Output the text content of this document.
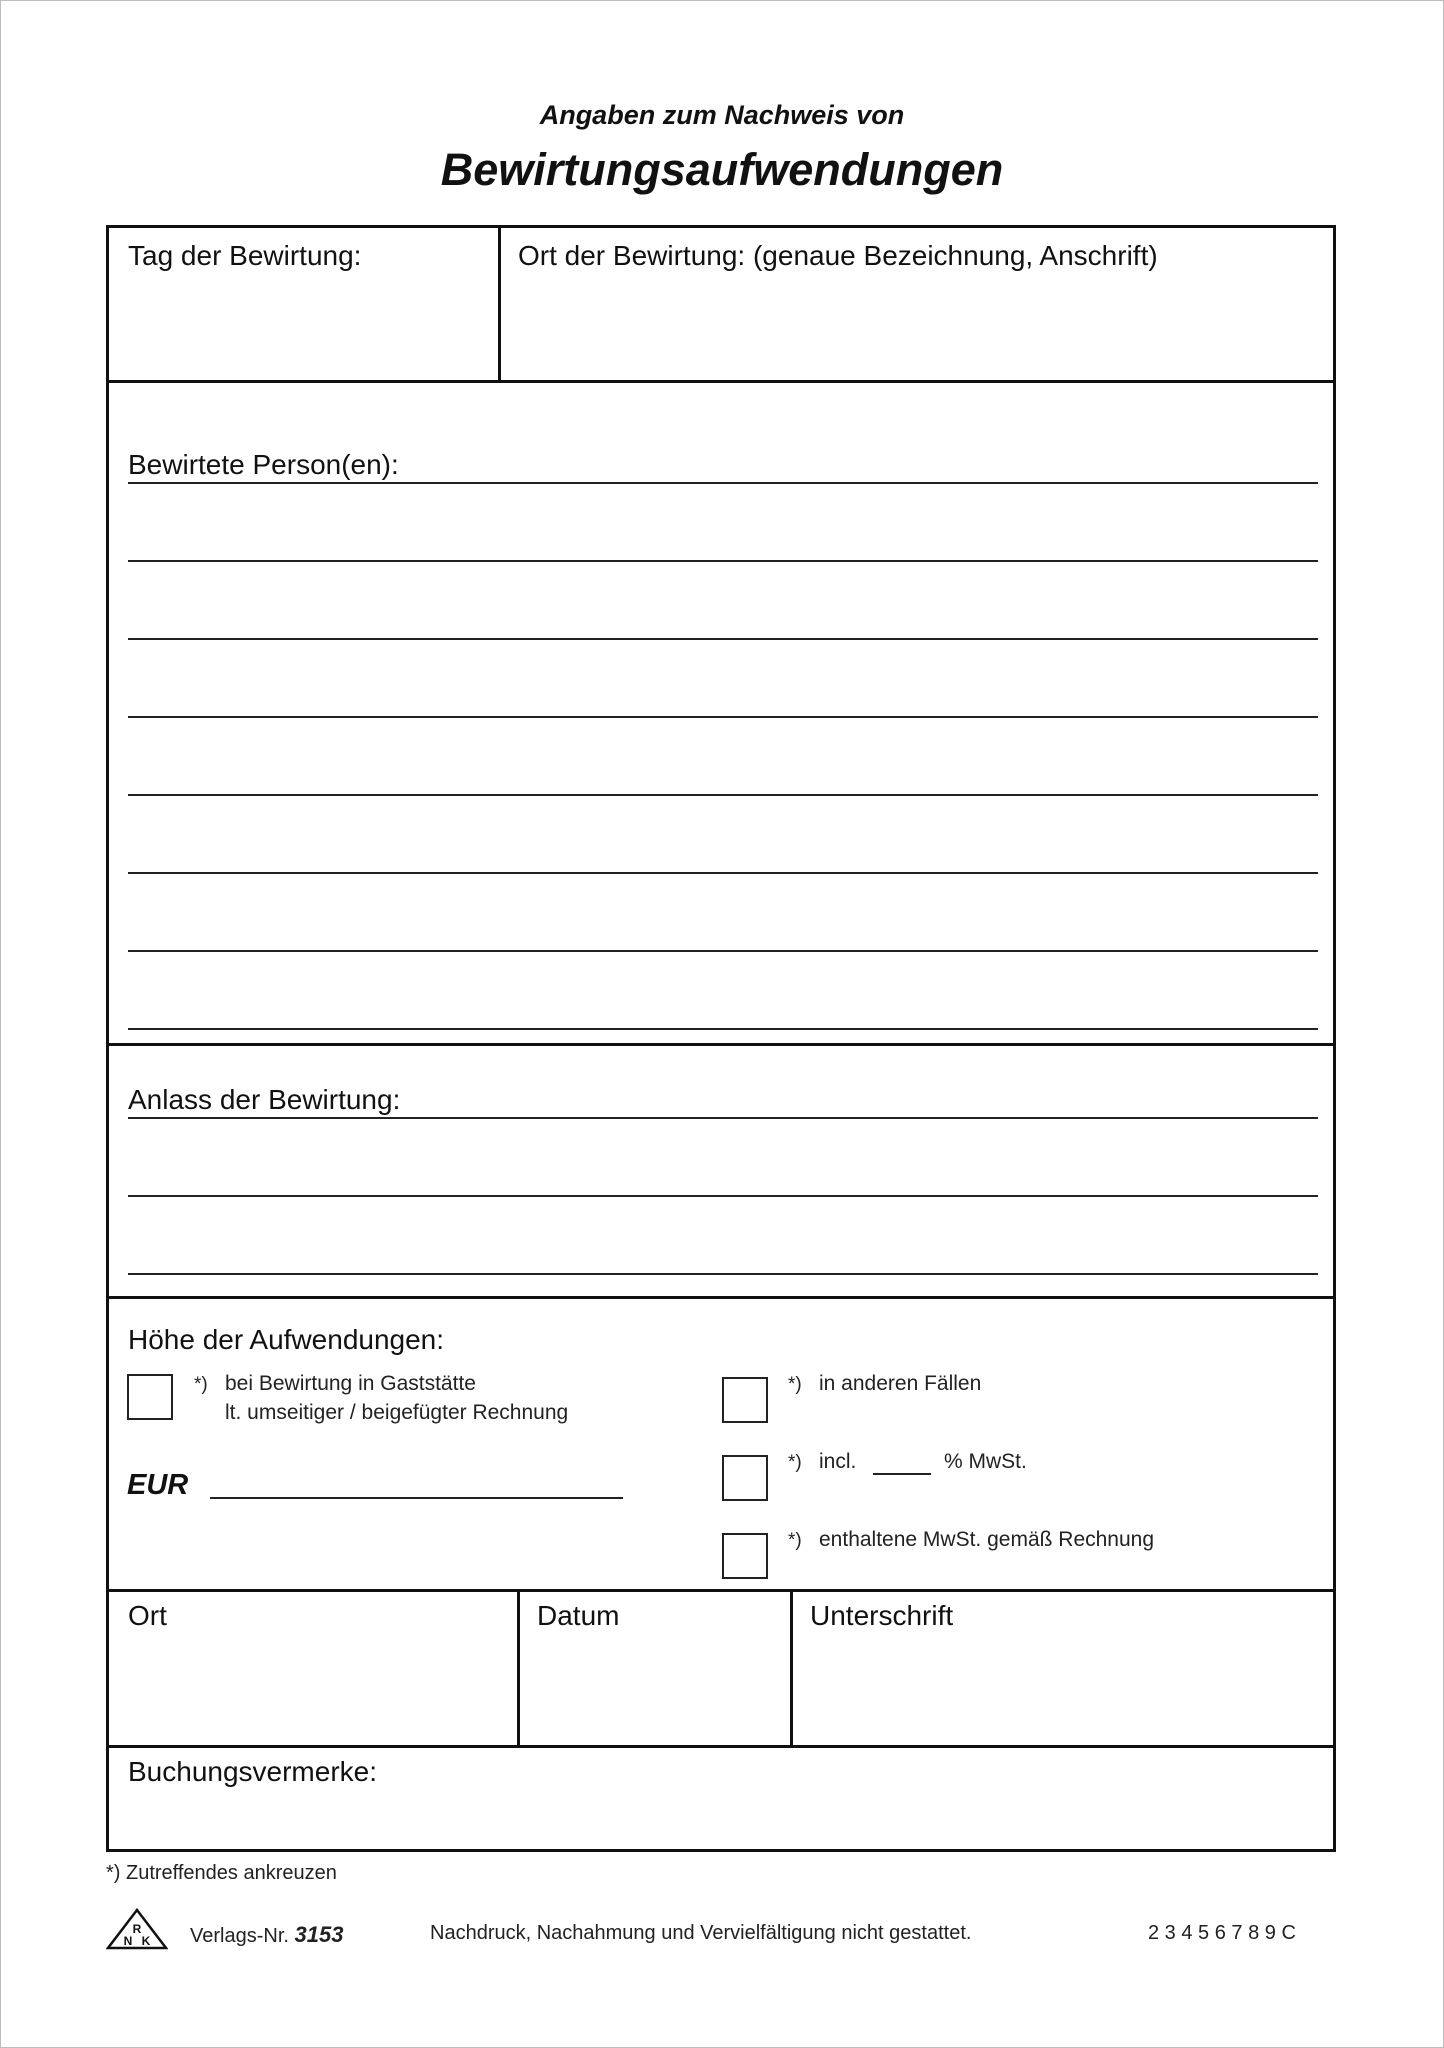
Angaben zum Nachweis von
Bewirtungsaufwendungen
Tag der Bewirtung:	Ort der Bewirtung: (genaue Bezeichnung, Anschrift)
Bewirtete Person(en):
Anlass der Bewirtung:
Höhe der Aufwendungen:
*) bei Bewirtung in Gaststätte
lt. umseitiger / beigefügter Rechnung
EUR
*) in anderen Fällen
*) incl.	% MwSt.
*) enthaltene MwSt. gemäß Rechnung
Ort	Datum	Unterschrift
Buchungsvermerke:
*) Zutreffendes ankreuzen
R
N K Verlags-Nr. 3153	Nachdruck, Nachahmung und Vervielfältigung nicht gestattet.	2 3 4 5 6 7 8 9 C
